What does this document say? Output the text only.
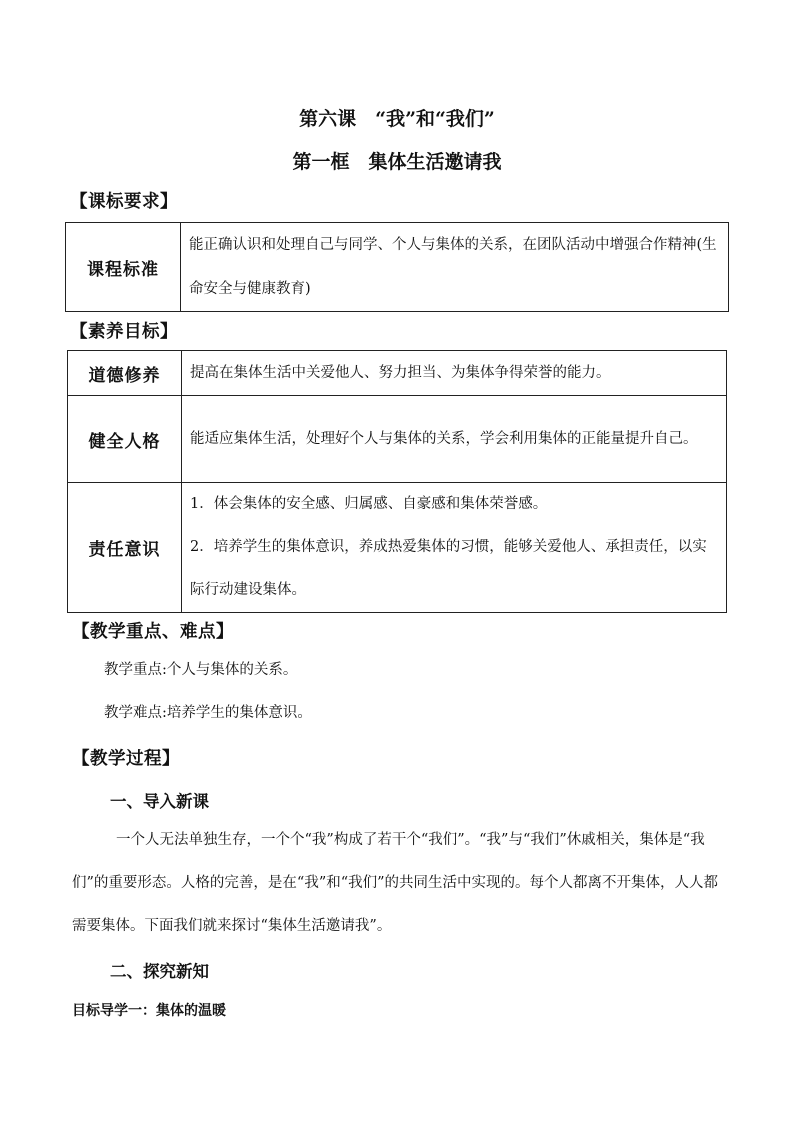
第六课　“我”和“我们”
第一框　集体生活邀请我
【课标要求】
课程标准	能正确认识和处理自己与同学、个人与集体的关系，在团队活动中增强合作精神(生命安全与健康教育)
【素养目标】
道德修养	提高在集体生活中关爱他人、努力担当、为集体争得荣誉的能力。

健全人格	能适应集体生活，处理好个人与集体的关系，学会利用集体的正能量提升自己。

责任意识	1．体会集体的安全感、归属感、自豪感和集体荣誉感。

2．培养学生的集体意识，养成热爱集体的习惯，能够关爱他人、承担责任，以实际行动建设集体。

【教学重点、难点】
教学重点:个人与集体的关系。
教学难点:培养学生的集体意识。
【教学过程】
一、导入新课
一个人无法单独生存，一个个“我”构成了若干个“我们”。“我”与“我们”休戚相关，集体是“我们”的重要形态。人格的完善，是在“我”和“我们”的共同生活中实现的。每个人都离不开集体，人人都需要集体。下面我们就来探讨“集体生活邀请我”。
二、探究新知
目标导学一：集体的温暖
